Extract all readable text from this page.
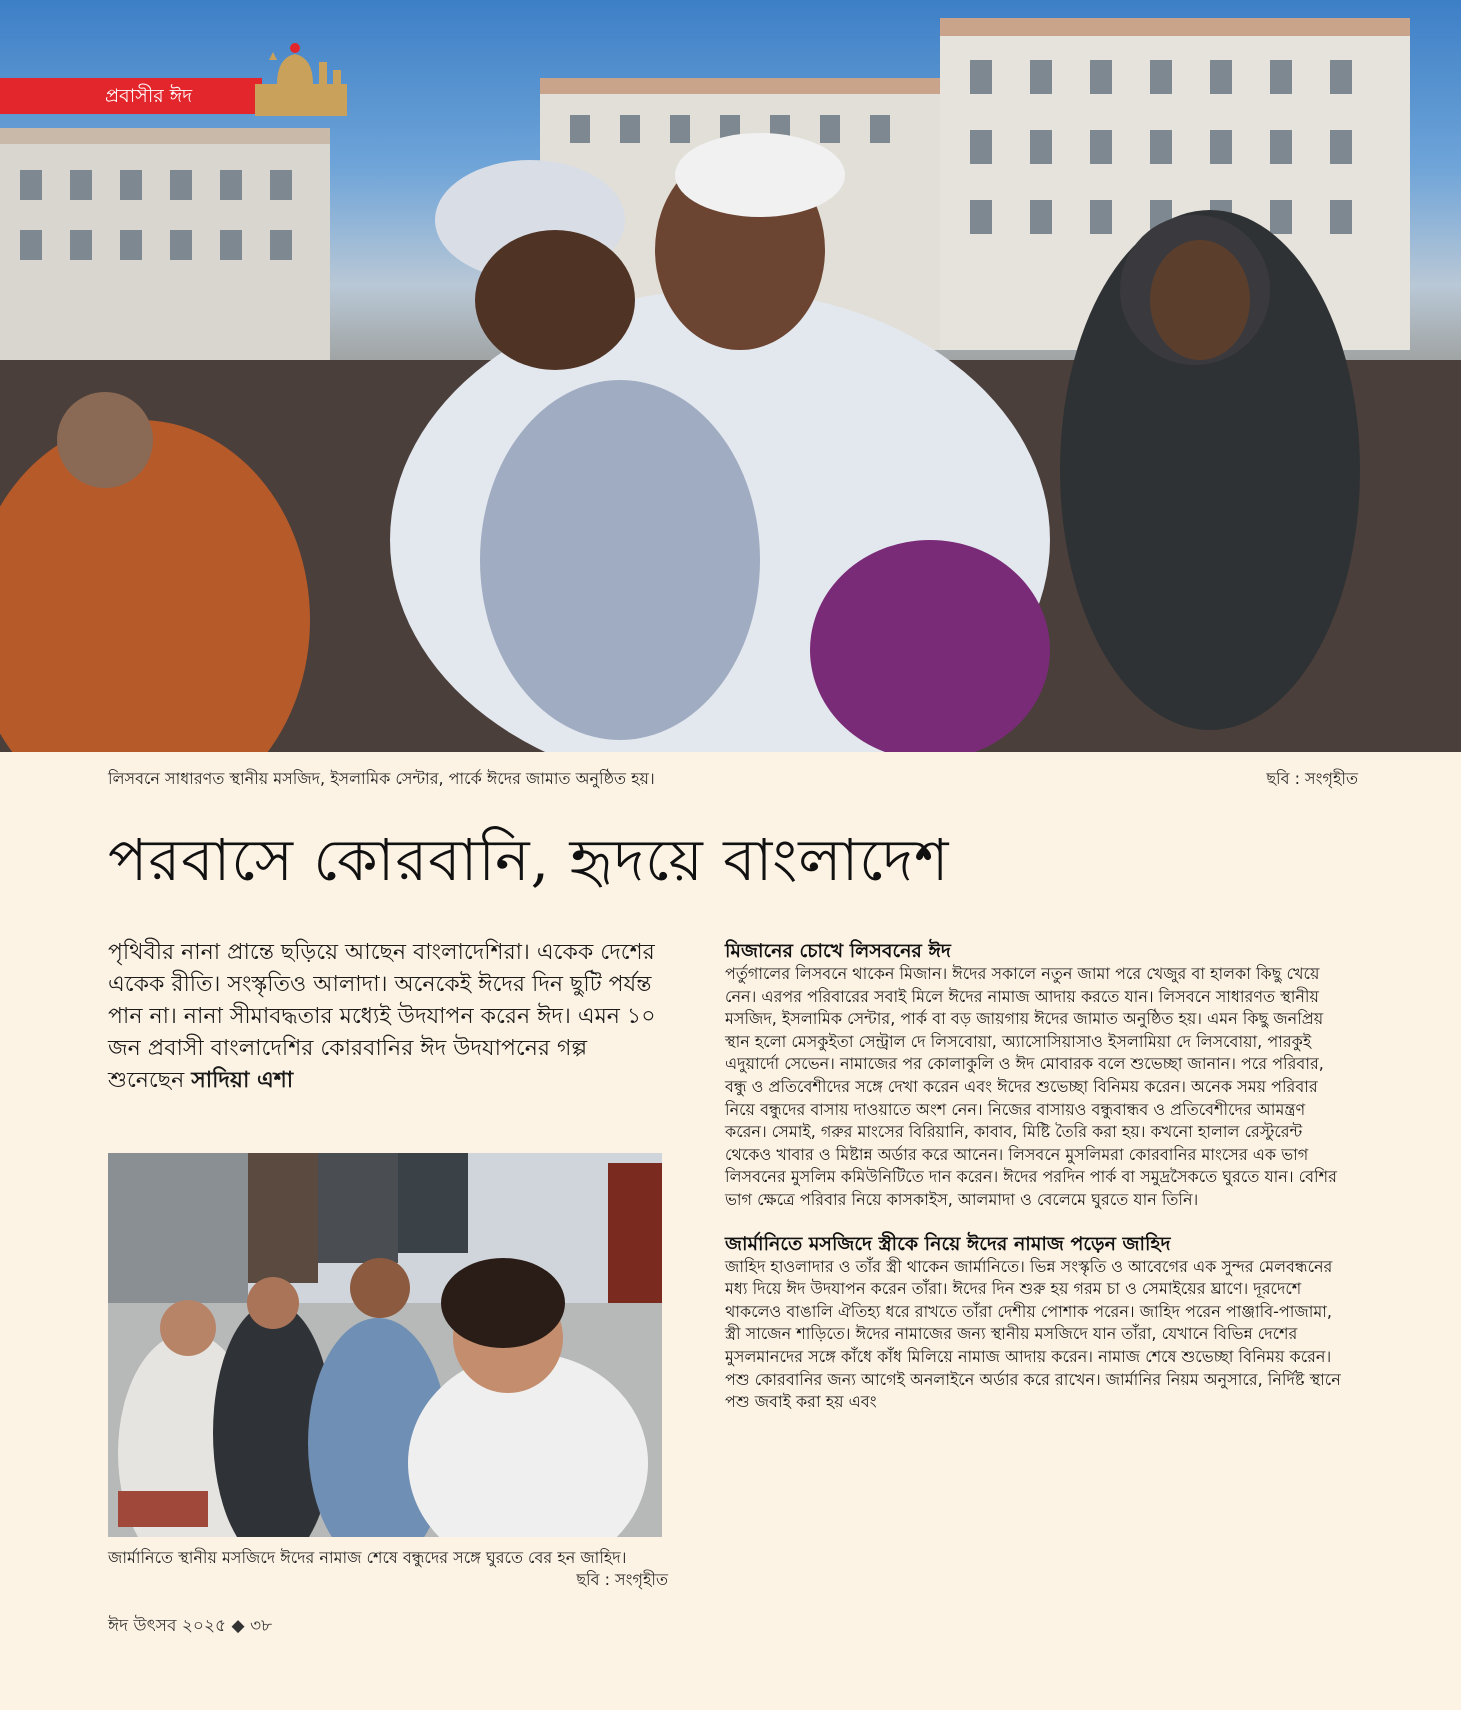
প্রবাসীর ঈদ
লিসবনে সাধারণত স্থানীয় মসজিদ, ইসলামিক সেন্টার, পার্কে ঈদের জামাত অনুষ্ঠিত হয়।	ছবি : সংগৃহীত
পরবাসে কোরবানি, হৃদয়ে বাংলাদেশ
পৃথিবীর নানা প্রান্তে ছড়িয়ে আছেন বাংলাদেশিরা। একেক দেশের একেক রীতি। সংস্কৃতিও আলাদা। অনেকেই ঈদের দিন ছুটি পর্যন্ত পান না। নানা সীমাবদ্ধতার মধ্যেই উদযাপন করেন ঈদ। এমন ১০ জন প্রবাসী বাংলাদেশির কোরবানির ঈদ উদযাপনের গল্প শুনেছেন সাদিয়া এশা
জার্মানিতে স্থানীয় মসজিদে ঈদের নামাজ শেষে বন্ধুদের সঙ্গে ঘুরতে বের হন জাহিদ।
ছবি : সংগৃহীত
মিজানের চোখে লিসবনের ঈদ

পর্তুগালের লিসবনে থাকেন মিজান। ঈদের সকালে নতুন জামা পরে খেজুর বা হালকা কিছু খেয়ে নেন। এরপর পরিবারের সবাই মিলে ঈদের নামাজ আদায় করতে যান। লিসবনে সাধারণত স্থানীয় মসজিদ, ইসলামিক সেন্টার, পার্ক বা বড় জায়গায় ঈদের জামাত অনুষ্ঠিত হয়। এমন কিছু জনপ্রিয় স্থান হলো মেসকুইতা সেন্ট্রাল দে লিসবোয়া, অ্যাসোসিয়াসাও ইসলামিয়া দে লিসবোয়া, পারকুই এদুয়ার্দো সেভেন। নামাজের পর কোলাকুলি ও ঈদ মোবারক বলে শুভেচ্ছা জানান। পরে পরিবার, বন্ধু ও প্রতিবেশীদের সঙ্গে দেখা করেন এবং ঈদের শুভেচ্ছা বিনিময় করেন। অনেক সময় পরিবার নিয়ে বন্ধুদের বাসায় দাওয়াতে অংশ নেন। নিজের বাসায়ও বন্ধুবান্ধব ও প্রতিবেশীদের আমন্ত্রণ করেন। সেমাই, গরুর মাংসের বিরিয়ানি, কাবাব, মিষ্টি তৈরি করা হয়। কখনো হালাল রেস্টুরেন্ট থেকেও খাবার ও মিষ্টান্ন অর্ডার করে আনেন। লিসবনে মুসলিমরা কোরবানির মাংসের এক ভাগ লিসবনের মুসলিম কমিউনিটিতে দান করেন। ঈদের পরদিন পার্ক বা সমুদ্রসৈকতে ঘুরতে যান। বেশির ভাগ ক্ষেত্রে পরিবার নিয়ে কাসকাইস, আলমাদা ও বেলেমে ঘুরতে যান তিনি।

জার্মানিতে মসজিদে স্ত্রীকে নিয়ে ঈদের নামাজ পড়েন জাহিদ

জাহিদ হাওলাদার ও তাঁর স্ত্রী থাকেন জার্মানিতে। ভিন্ন সংস্কৃতি ও আবেগের এক সুন্দর মেলবন্ধনের মধ্য দিয়ে ঈদ উদযাপন করেন তাঁরা। ঈদের দিন শুরু হয় গরম চা ও সেমাইয়ের ঘ্রাণে। দূরদেশে থাকলেও বাঙালি ঐতিহ্য ধরে রাখতে তাঁরা দেশীয় পোশাক পরেন। জাহিদ পরেন পাঞ্জাবি-পাজামা, স্ত্রী সাজেন শাড়িতে। ঈদের নামাজের জন্য স্থানীয় মসজিদে যান তাঁরা, যেখানে বিভিন্ন দেশের মুসলমানদের সঙ্গে কাঁধে কাঁধ মিলিয়ে নামাজ আদায় করেন। নামাজ শেষে শুভেচ্ছা বিনিময় করেন। পশু কোরবানির জন্য আগেই অনলাইনে অর্ডার করে রাখেন। জার্মানির নিয়ম অনুসারে, নির্দিষ্ট স্থানে পশু জবাই করা হয় এবং

ঈদ উৎসব ২০২৫ ◆ ৩৮
